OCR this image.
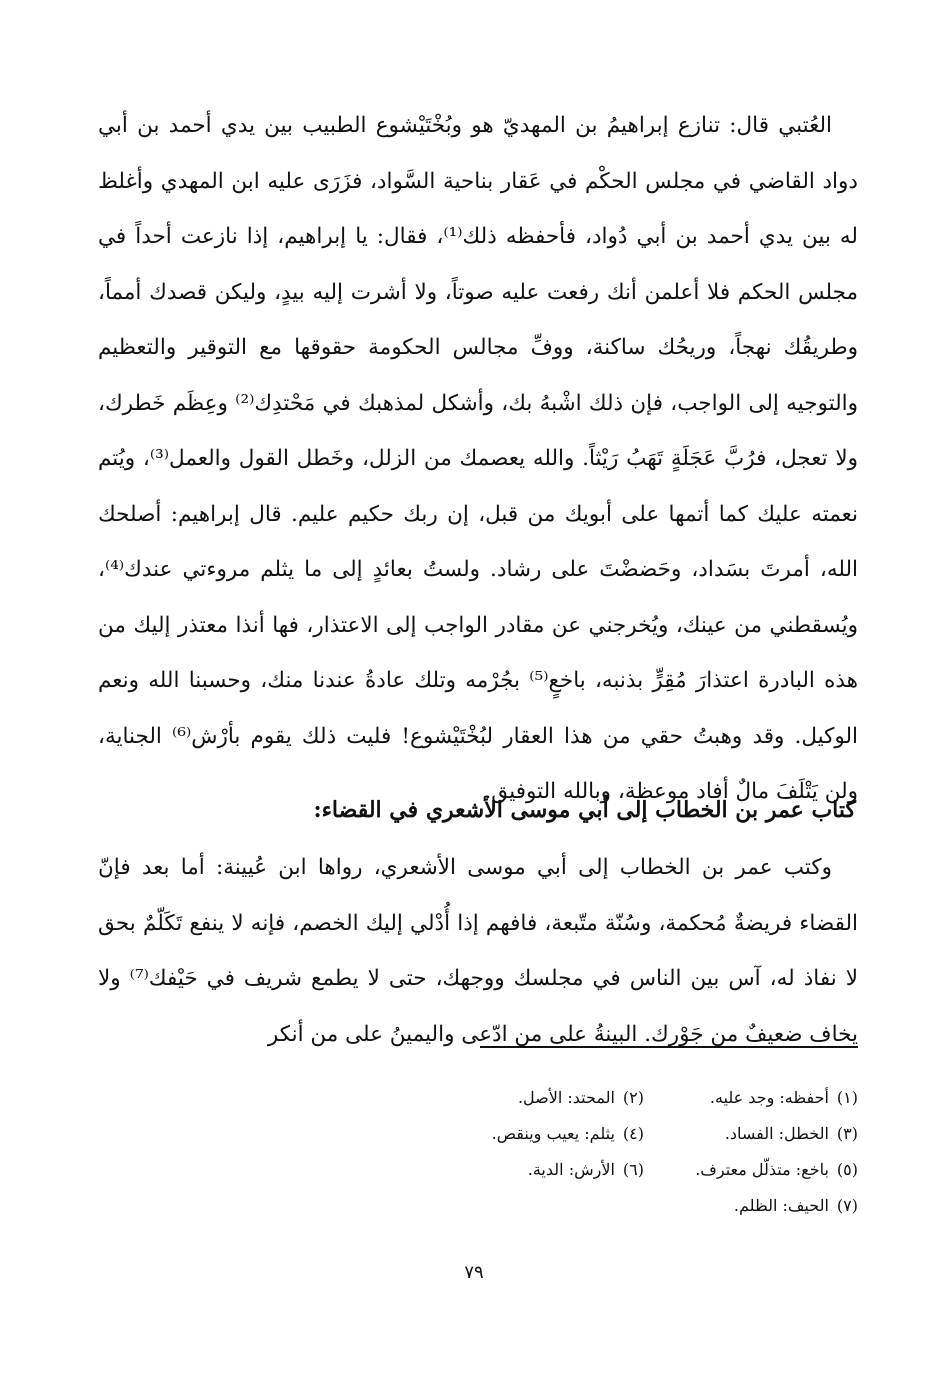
العُتبي قال: تنازع إبراهيمُ بن المهديّ هو وبُخْتَيْشوع الطبيب بين يدي أحمد بن أبي دواد القاضي في مجلس الحكْم في عَقار بناحية السَّواد، فزَرَى عليه ابن المهدي وأغلظ له بين يدي أحمد بن أبي دُواد، فأحفظه ذلك⁽¹⁾، فقال: يا إبراهيم، إذا نازعت أحداً في مجلس الحكم فلا أعلمن أنك رفعت عليه صوتاً، ولا أشرت إليه بيدٍ، وليكن قصدك أمماً، وطريقُك نهجاً، وريحُك ساكنة، ووفِّ مجالس الحكومة حقوقها مع التوقير والتعظيم والتوجيه إلى الواجب، فإن ذلك اشْبهُ بك، وأشكل لمذهبك في مَحْتدِك⁽²⁾ وعِظَم خَطرك، ولا تعجل، فرُبَّ عَجَلَةٍ تَهَبُ رَيْثاً. والله يعصمك من الزلل، وخَطل القول والعمل⁽³⁾، ويُتم نعمته عليك كما أتمها على أبويك من قبل، إن ربك حكيم عليم. قال إبراهيم: أصلحك الله، أمرتَ بسَداد، وحَضضْتَ على رشاد. ولستُ بعائدٍ إلى ما يثلم مروءتي عندك⁽⁴⁾، ويُسقطني من عينك، ويُخرجني عن مقادر الواجب إلى الاعتذار، فها أنذا معتذر إليك من هذه البادرة اعتذارَ مُقِرٍّ بذنبه، باخعٍ⁽⁵⁾ بجُرْمه وتلك عادةُ عندنا منك، وحسبنا الله ونعم الوكيل. وقد وهبتُ حقي من هذا العقار لبُخْتَيْشوع! فليت ذلك يقوم بأرْش⁽⁶⁾ الجناية، ولن يَتْلَفَ مالٌ أفاد موعظة، وبالله التوفيق.

كتاب عمر بن الخطاب إلى أبي موسى الأشعري في القضاء:

وكتب عمر بن الخطاب إلى أبي موسى الأشعري، رواها ابن عُيينة: أما بعد فإنّ القضاء فريضةٌ مُحكمة، وسُنّة متّبعة، فافهم إذا أُدْلي إليك الخصم، فإنه لا ينفع تَكَلّمٌ بحق لا نفاذ له، آس بين الناس في مجلسك ووجهك، حتى لا يطمع شريف في حَيْفك⁽⁷⁾ ولا يخاف ضعيفٌ من جَوْرك. البينةُ على من ادّعى واليمينُ على من أنكر

(١)أحفظه: وجد عليه.
(٢)المحتد: الأصل.
(٣)الخطل: الفساد.
(٤)يثلم: يعيب وينقص.
(٥)باخع: متذلّل معترف.
(٦)الأرش: الدية.
(٧)الحيف: الظلم.
٧٩
